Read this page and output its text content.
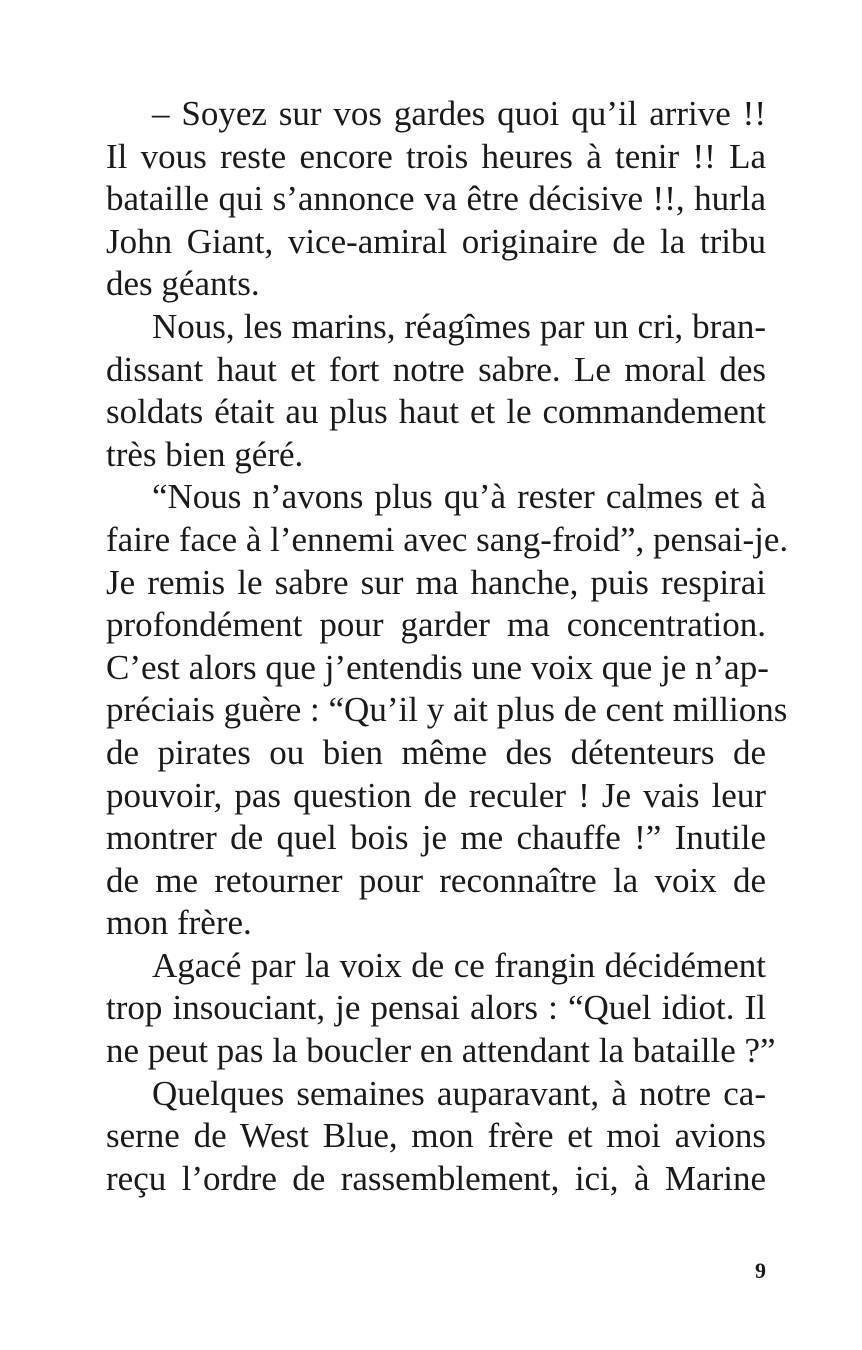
– Soyez sur vos gardes quoi qu’il arrive !!
Il vous reste encore trois heures à tenir !! La
bataille qui s’annonce va être décisive !!, hurla
John Giant, vice-amiral originaire de la tribu
des géants.
Nous, les marins, réagîmes par un cri, bran-
dissant haut et fort notre sabre. Le moral des
soldats était au plus haut et le commandement
très bien géré.
“Nous n’avons plus qu’à rester calmes et à
faire face à l’ennemi avec sang-froid”, pensai-je.
Je remis le sabre sur ma hanche, puis respirai
profondément pour garder ma concentration.
C’est alors que j’entendis une voix que je n’ap-
préciais guère : “Qu’il y ait plus de cent millions
de pirates ou bien même des détenteurs de
pouvoir, pas question de reculer ! Je vais leur
montrer de quel bois je me chauffe !” Inutile
de me retourner pour reconnaître la voix de
mon frère.
Agacé par la voix de ce frangin décidément
trop insouciant, je pensai alors : “Quel idiot. Il
ne peut pas la boucler en attendant la bataille ?”
Quelques semaines auparavant, à notre ca-
serne de West Blue, mon frère et moi avions
reçu l’ordre de rassemblement, ici, à Marine
9
